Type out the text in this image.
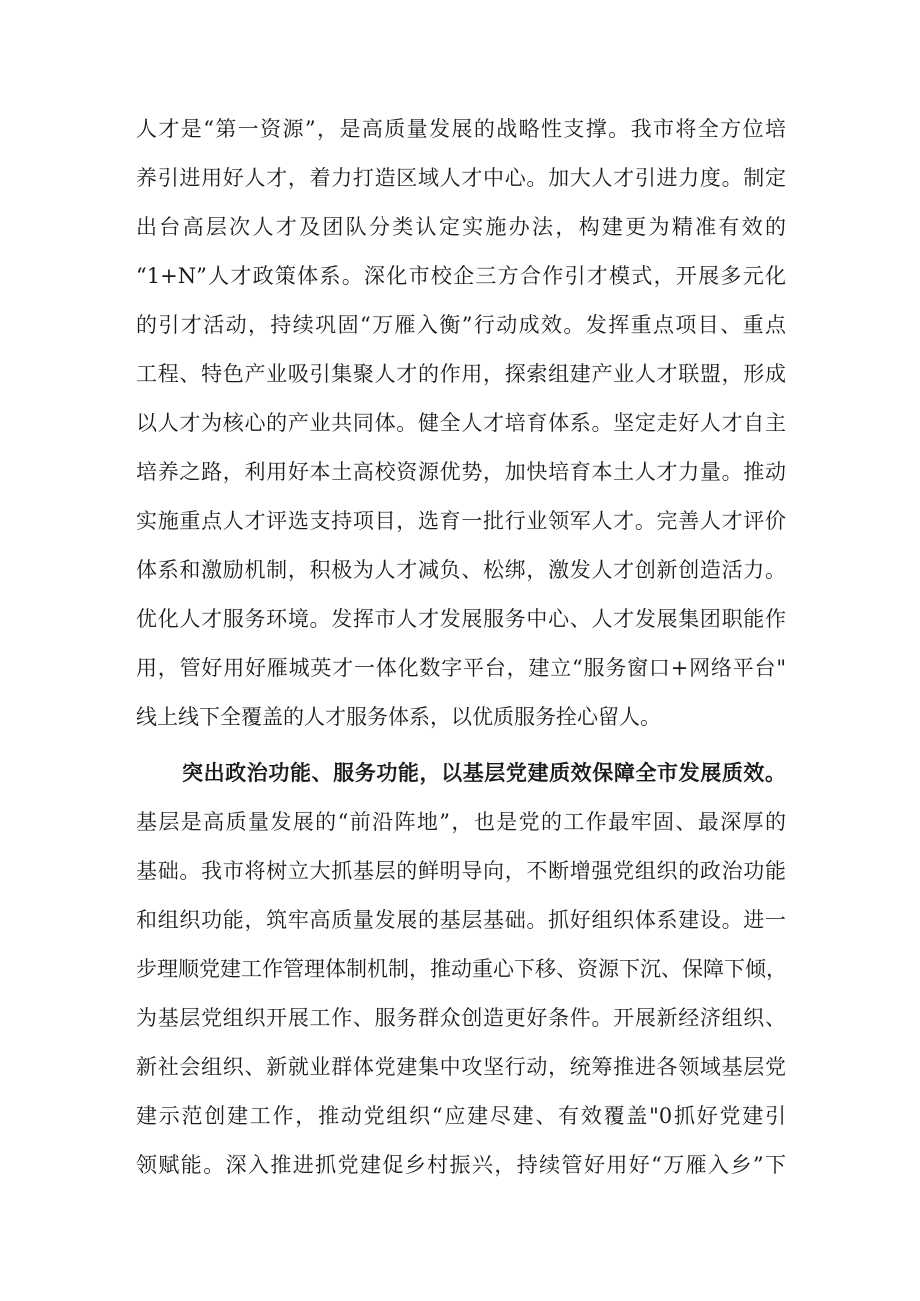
人才是“第一资源”，是高质量发展的战略性支撑。我市将全方位培
养引进用好人才，着力打造区域人才中心。加大人才引进力度。制定
出台高层次人才及团队分类认定实施办法，构建更为精准有效的
“1+N”人才政策体系。深化市校企三方合作引才模式，开展多元化
的引才活动，持续巩固“万雁入衡”行动成效。发挥重点项目、重点
工程、特色产业吸引集聚人才的作用，探索组建产业人才联盟，形成
以人才为核心的产业共同体。健全人才培育体系。坚定走好人才自主
培养之路，利用好本土高校资源优势，加快培育本土人才力量。推动
实施重点人才评选支持项目，选育一批行业领军人才。完善人才评价
体系和激励机制，积极为人才减负、松绑，激发人才创新创造活力。
优化人才服务环境。发挥市人才发展服务中心、人才发展集团职能作
用，管好用好雁城英才一体化数字平台，建立“服务窗口+网络平台"
线上线下全覆盖的人才服务体系，以优质服务拴心留人。
突出政治功能、服务功能，以基层党建质效保障全市发展质效。
基层是高质量发展的“前沿阵地”，也是党的工作最牢固、最深厚的
基础。我市将树立大抓基层的鲜明导向，不断增强党组织的政治功能
和组织功能，筑牢高质量发展的基层基础。抓好组织体系建设。进一
步理顺党建工作管理体制机制，推动重心下移、资源下沉、保障下倾，
为基层党组织开展工作、服务群众创造更好条件。开展新经济组织、
新社会组织、新就业群体党建集中攻坚行动，统筹推进各领域基层党
建示范创建工作，推动党组织“应建尽建、有效覆盖"0抓好党建引
领赋能。深入推进抓党建促乡村振兴，持续管好用好“万雁入乡”下
